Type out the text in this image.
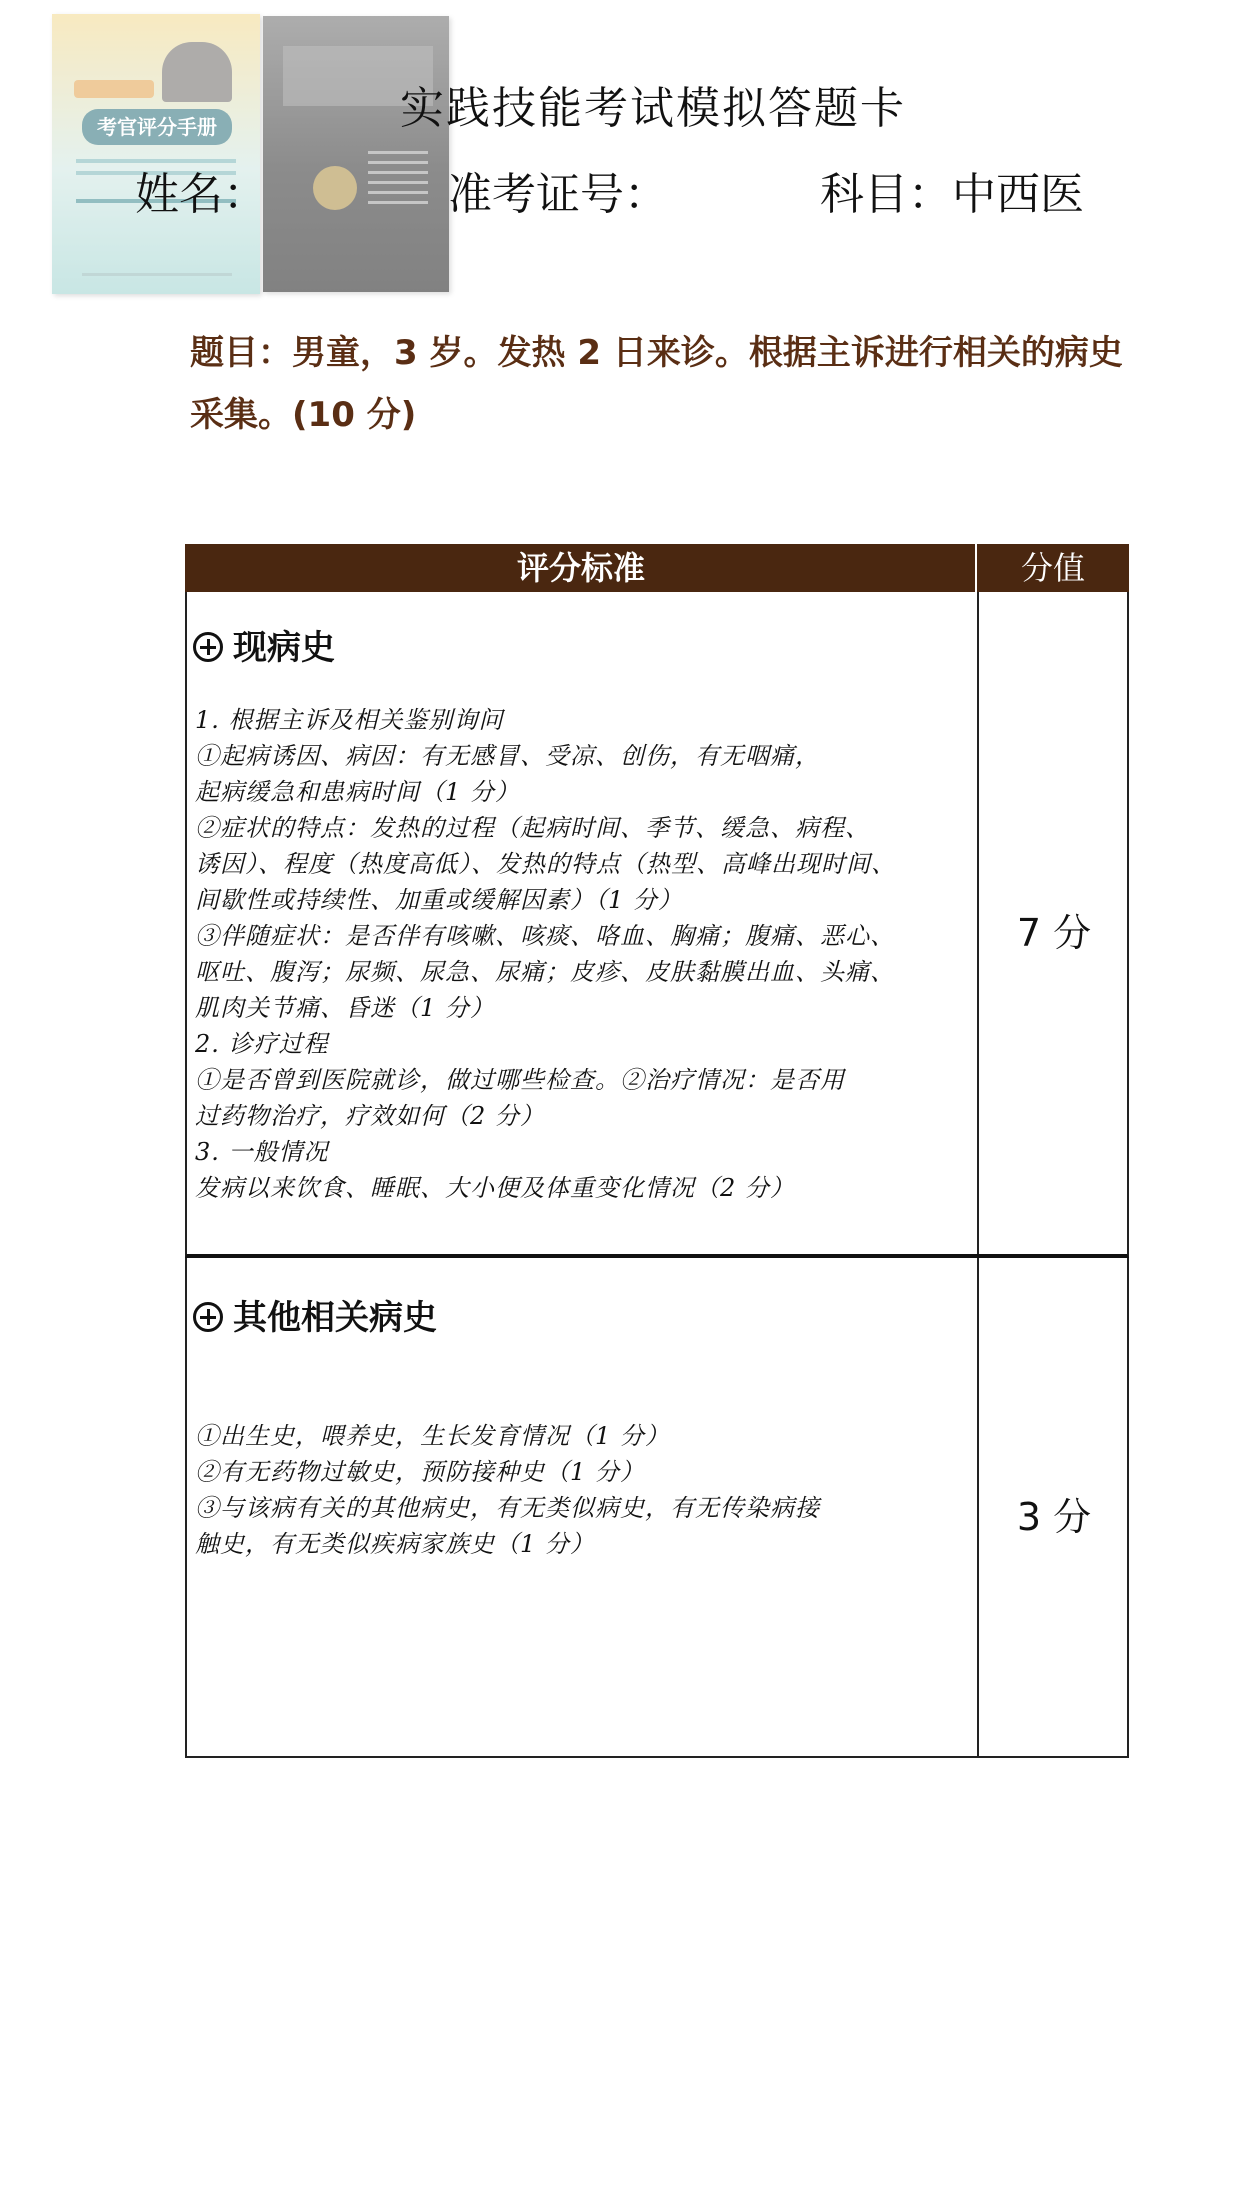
考官评分手册	实践技能考试模拟答题卡
姓名：	准考证号：	科目：中西医
题目：男童，3 岁。发热 2 日来诊。根据主诉进行相关的病史
采集。(10 分)
评分标准	分值
现病史
1. 根据主诉及相关鉴别询问
①起病诱因、病因：有无感冒、受凉、创伤，有无咽痛，
起病缓急和患病时间（1 分）
②症状的特点：发热的过程（起病时间、季节、缓急、病程、
诱因）、程度（热度高低）、发热的特点（热型、高峰出现时间、
间歇性或持续性、加重或缓解因素）（1 分）
③伴随症状：是否伴有咳嗽、咳痰、咯血、胸痛；腹痛、恶心、
呕吐、腹泻；尿频、尿急、尿痛；皮疹、皮肤黏膜出血、头痛、
肌肉关节痛、昏迷（1 分）
2. 诊疗过程
①是否曾到医院就诊，做过哪些检查。②治疗情况：是否用
过药物治疗，疗效如何（2 分）
3. 一般情况
发病以来饮食、睡眠、大小便及体重变化情况（2 分）
7 分
其他相关病史
①出生史，喂养史，生长发育情况（1 分）
②有无药物过敏史，预防接种史（1 分）
③与该病有关的其他病史，有无类似病史，有无传染病接
触史，有无类似疾病家族史（1 分）
3 分
